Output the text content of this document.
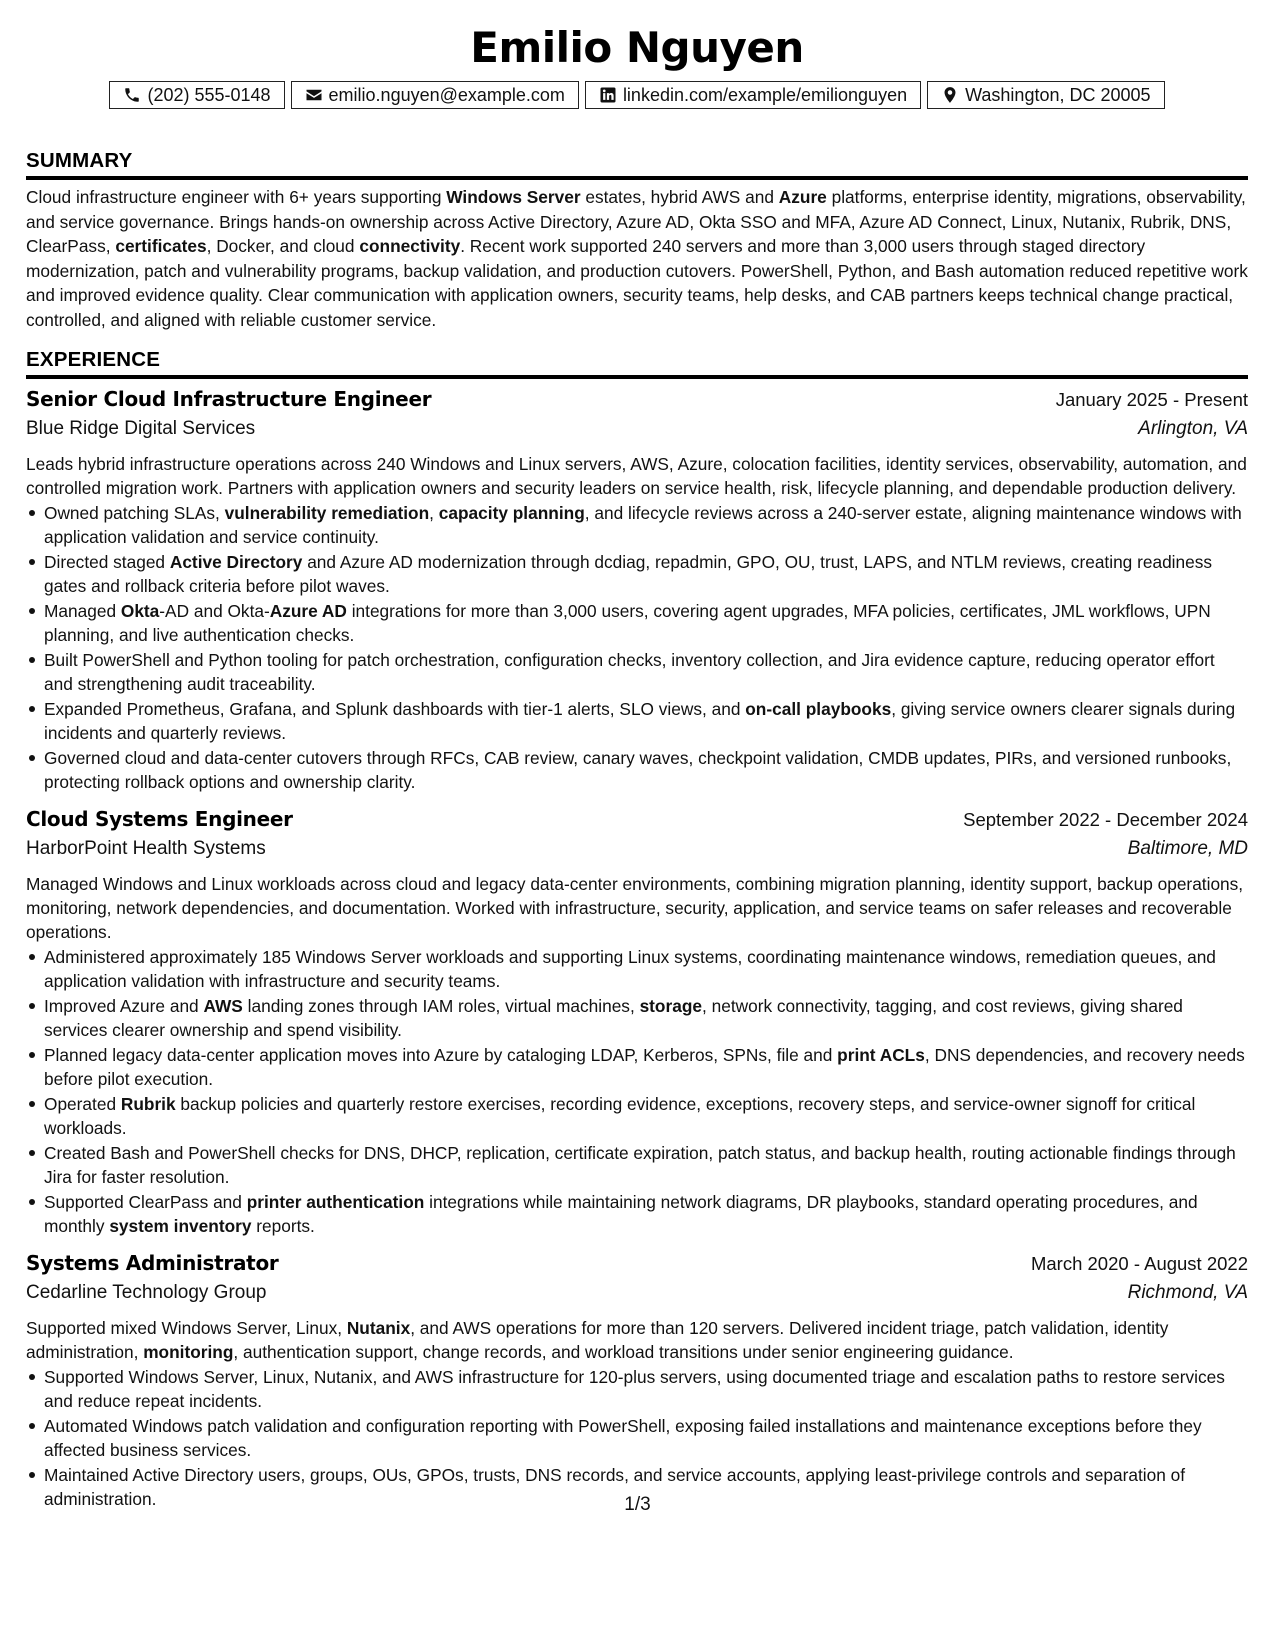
Emilio Nguyen
(202) 555-0148	emilio.nguyen@example.com	linkedin.com/example/emilionguyen	Washington, DC 20005
SUMMARY

Cloud infrastructure engineer with 6+ years supporting Windows Server estates, hybrid AWS and Azure platforms, enterprise identity, migrations, observability, and service governance. Brings hands-on ownership across Active Directory, Azure AD, Okta SSO and MFA, Azure AD Connect, Linux, Nutanix, Rubrik, DNS, ClearPass, certificates, Docker, and cloud connectivity. Recent work supported 240 servers and more than 3,000 users through staged directory modernization, patch and vulnerability programs, backup validation, and production cutovers. PowerShell, Python, and Bash automation reduced repetitive work and improved evidence quality. Clear communication with application owners, security teams, help desks, and CAB partners keeps technical change practical, controlled, and aligned with reliable customer service.

EXPERIENCE
Senior Cloud Infrastructure Engineer	January 2025 - Present
Blue Ridge Digital Services	Arlington, VA
Leads hybrid infrastructure operations across 240 Windows and Linux servers, AWS, Azure, colocation facilities, identity services, observability, automation, and controlled migration work. Partners with application owners and security leaders on service health, risk, lifecycle planning, and dependable production delivery.
Owned patching SLAs, vulnerability remediation, capacity planning, and lifecycle reviews across a 240-server estate, aligning maintenance windows with application validation and service continuity.
Directed staged Active Directory and Azure AD modernization through dcdiag, repadmin, GPO, OU, trust, LAPS, and NTLM reviews, creating readiness gates and rollback criteria before pilot waves.
Managed Okta-AD and Okta-Azure AD integrations for more than 3,000 users, covering agent upgrades, MFA policies, certificates, JML workflows, UPN planning, and live authentication checks.
Built PowerShell and Python tooling for patch orchestration, configuration checks, inventory collection, and Jira evidence capture, reducing operator effort and strengthening audit traceability.
Expanded Prometheus, Grafana, and Splunk dashboards with tier-1 alerts, SLO views, and on-call playbooks, giving service owners clearer signals during incidents and quarterly reviews.
Governed cloud and data-center cutovers through RFCs, CAB review, canary waves, checkpoint validation, CMDB updates, PIRs, and versioned runbooks, protecting rollback options and ownership clarity.
Cloud Systems Engineer	September 2022 - December 2024
HarborPoint Health Systems	Baltimore, MD
Managed Windows and Linux workloads across cloud and legacy data-center environments, combining migration planning, identity support, backup operations, monitoring, network dependencies, and documentation. Worked with infrastructure, security, application, and service teams on safer releases and recoverable operations.
Administered approximately 185 Windows Server workloads and supporting Linux systems, coordinating maintenance windows, remediation queues, and application validation with infrastructure and security teams.
Improved Azure and AWS landing zones through IAM roles, virtual machines, storage, network connectivity, tagging, and cost reviews, giving shared services clearer ownership and spend visibility.
Planned legacy data-center application moves into Azure by cataloging LDAP, Kerberos, SPNs, file and print ACLs, DNS dependencies, and recovery needs before pilot execution.
Operated Rubrik backup policies and quarterly restore exercises, recording evidence, exceptions, recovery steps, and service-owner signoff for critical workloads.
Created Bash and PowerShell checks for DNS, DHCP, replication, certificate expiration, patch status, and backup health, routing actionable findings through Jira for faster resolution.
Supported ClearPass and printer authentication integrations while maintaining network diagrams, DR playbooks, standard operating procedures, and monthly system inventory reports.
Systems Administrator	March 2020 - August 2022
Cedarline Technology Group	Richmond, VA
Supported mixed Windows Server, Linux, Nutanix, and AWS operations for more than 120 servers. Delivered incident triage, patch validation, identity administration, monitoring, authentication support, change records, and workload transitions under senior engineering guidance.
Supported Windows Server, Linux, Nutanix, and AWS infrastructure for 120-plus servers, using documented triage and escalation paths to restore services and reduce repeat incidents.
Automated Windows patch validation and configuration reporting with PowerShell, exposing failed installations and maintenance exceptions before they affected business services.
Maintained Active Directory users, groups, OUs, GPOs, trusts, DNS records, and service accounts, applying least-privilege controls and separation of administration.	1/3
